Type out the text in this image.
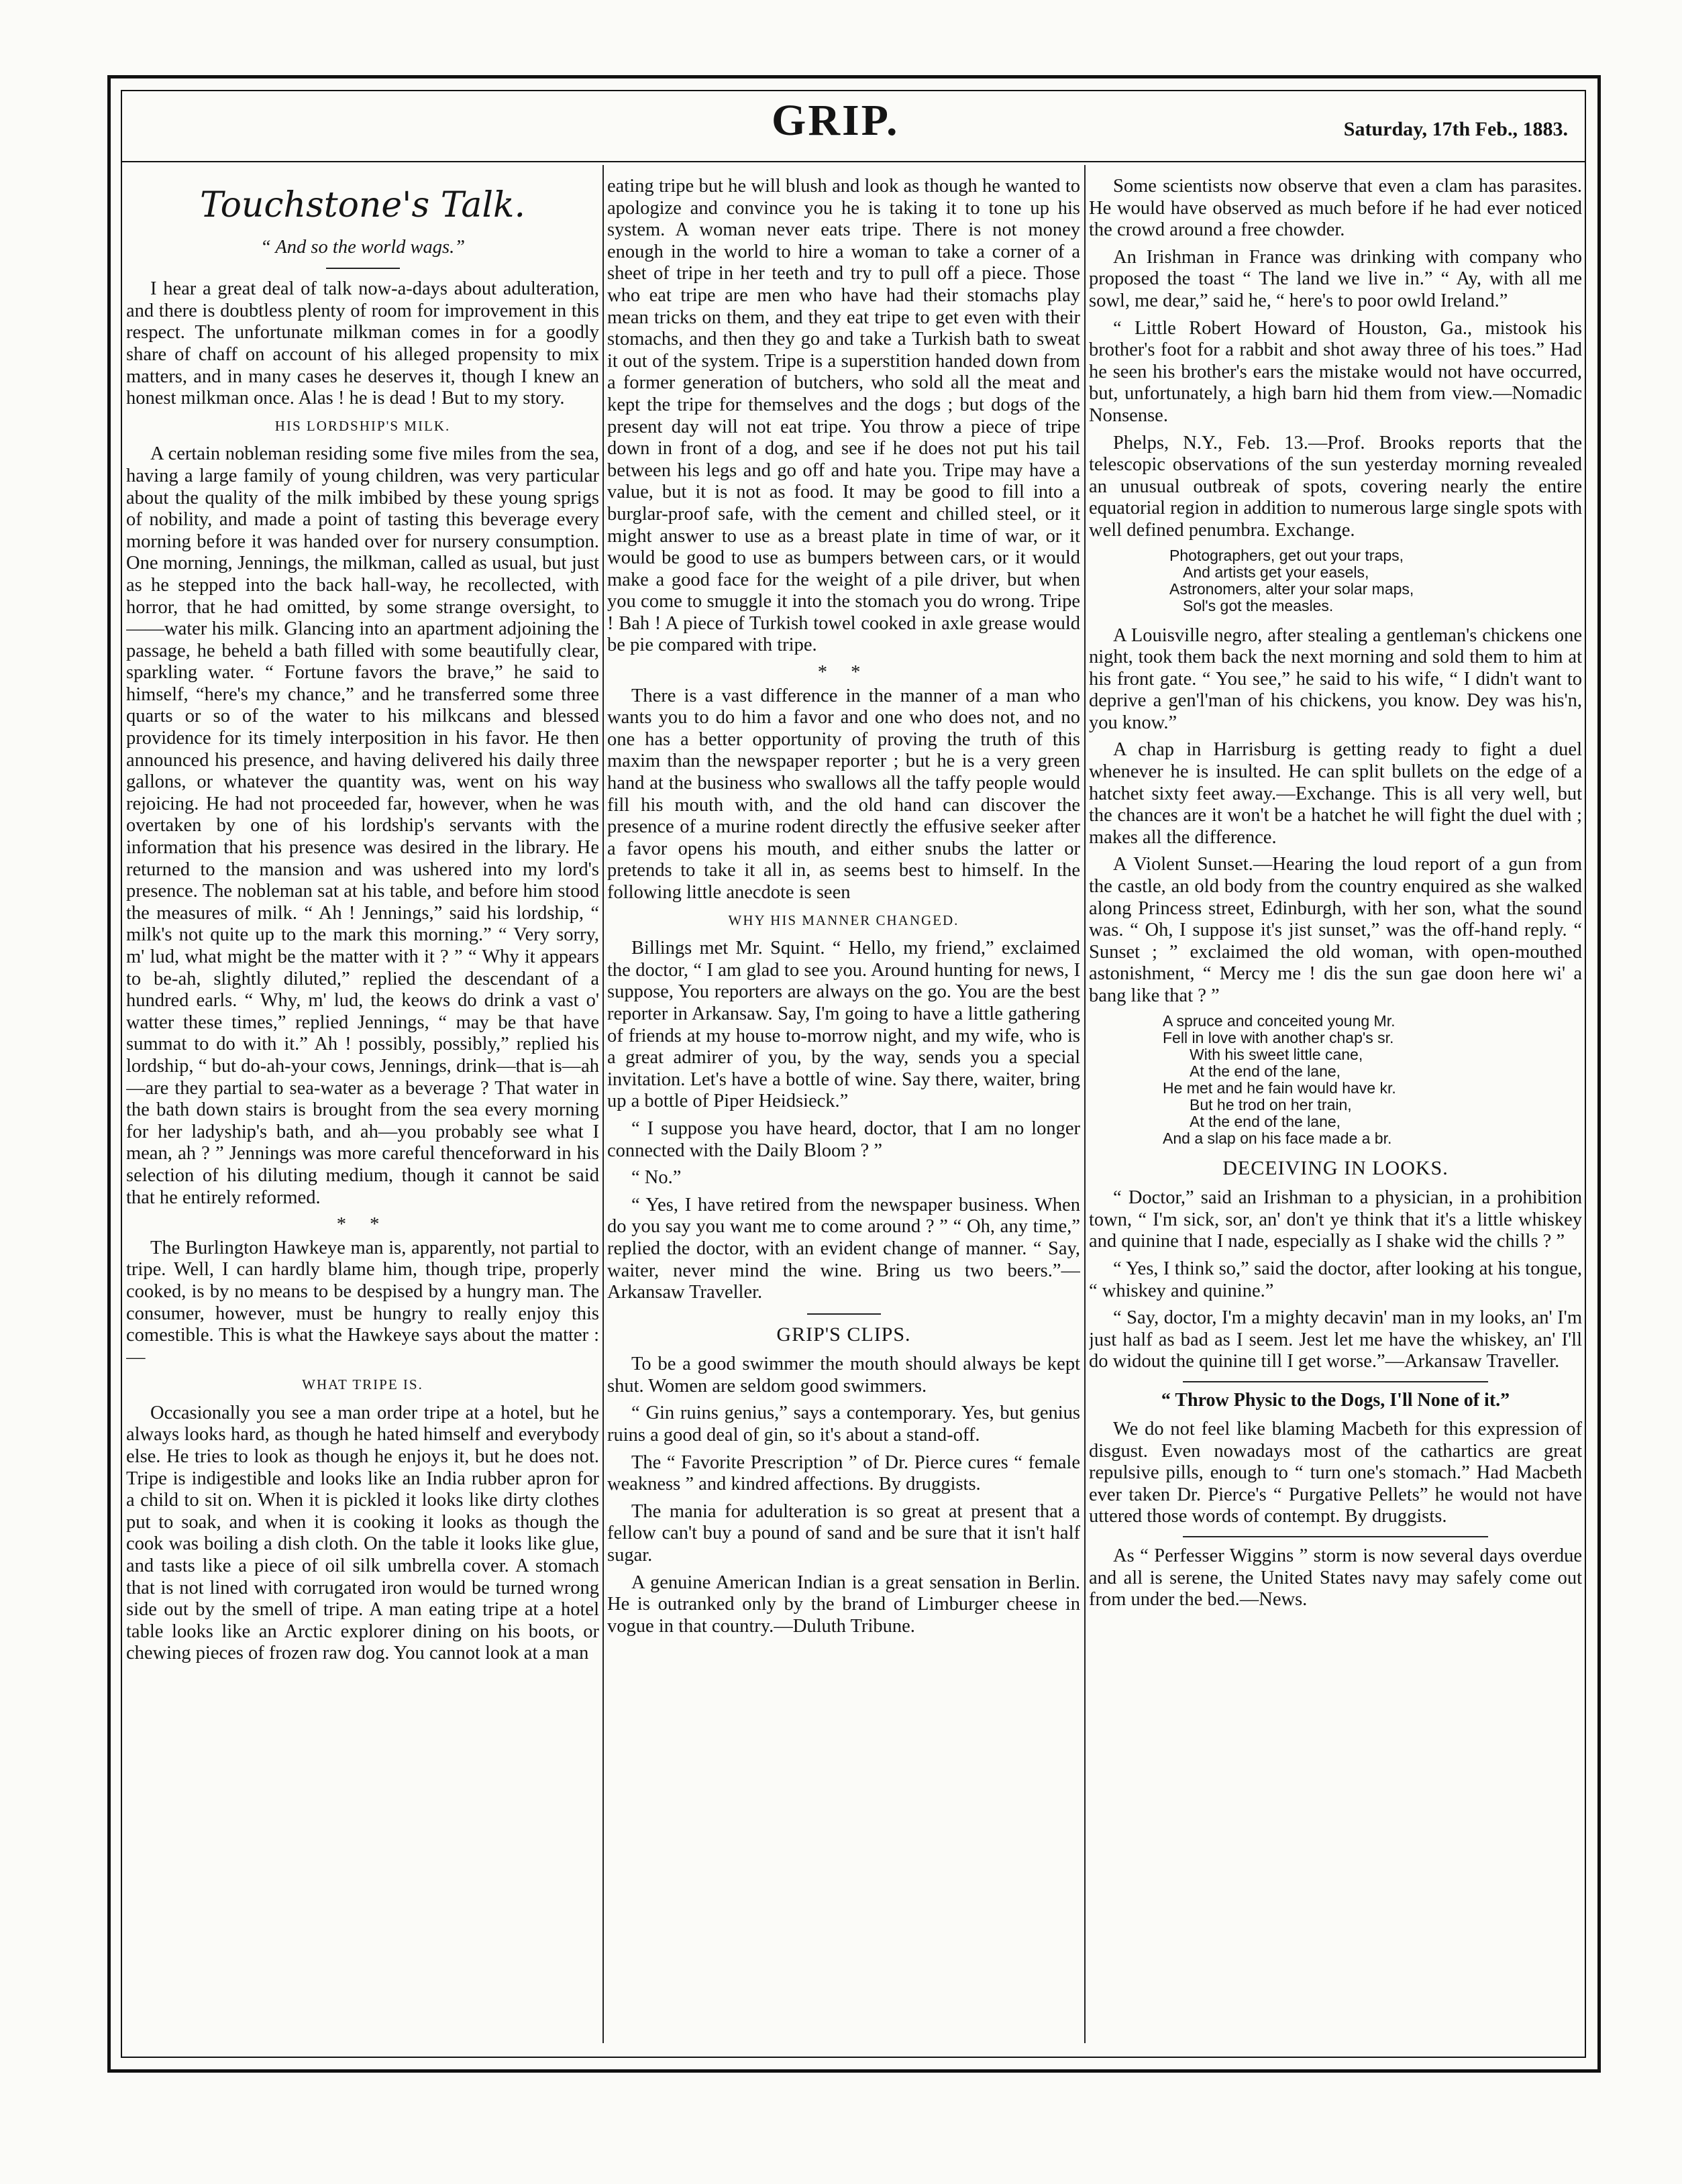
GRIP.	Saturday, 17th Feb., 1883.
Touchstone's Talk.
“ And so the world wags.”

I hear a great deal of talk now-a-days about adulteration, and there is doubtless plenty of room for improvement in this respect. The unfortunate milkman comes in for a goodly share of chaff on account of his alleged propensity to mix matters, and in many cases he deserves it, though I knew an honest milkman once. Alas ! he is dead ! But to my story.

HIS LORDSHIP'S MILK.

A certain nobleman residing some five miles from the sea, having a large family of young children, was very particular about the quality of the milk imbibed by these young sprigs of nobility, and made a point of tasting this beverage every morning before it was handed over for nursery consumption. One morning, Jennings, the milkman, called as usual, but just as he stepped into the back hall-way, he recollected, with horror, that he had omitted, by some strange oversight, to——water his milk. Glancing into an apartment adjoining the passage, he beheld a bath filled with some beautifully clear, sparkling water. “ Fortune favors the brave,” he said to himself, “here's my chance,” and he transferred some three quarts or so of the water to his milkcans and blessed providence for its timely interposition in his favor. He then announced his presence, and having delivered his daily three gallons, or whatever the quantity was, went on his way rejoicing. He had not proceeded far, however, when he was overtaken by one of his lordship's servants with the information that his presence was desired in the library. He returned to the mansion and was ushered into my lord's presence. The nobleman sat at his table, and before him stood the measures of milk. “ Ah ! Jennings,” said his lordship, “ milk's not quite up to the mark this morning.” “ Very sorry, m' lud, what might be the matter with it ? ” “ Why it appears to be-ah, slightly diluted,” replied the descendant of a hundred earls. “ Why, m' lud, the keows do drink a vast o' watter these times,” replied Jennings, “ may be that have summat to do with it.” Ah ! possibly, possibly,” replied his lordship, “ but do-ah-your cows, Jennings, drink—that is—ah—are they partial to sea-water as a beverage ? That water in the bath down stairs is brought from the sea every morning for her ladyship's bath, and ah—you probably see what I mean, ah ? ” Jennings was more careful thenceforward in his selection of his diluting medium, though it cannot be said that he entirely reformed.

* *

The Burlington Hawkeye man is, apparently, not partial to tripe. Well, I can hardly blame him, though tripe, properly cooked, is by no means to be despised by a hungry man. The consumer, however, must be hungry to really enjoy this comestible. This is what the Hawkeye says about the matter :—

WHAT TRIPE IS.

Occasionally you see a man order tripe at a hotel, but he always looks hard, as though he hated himself and everybody else. He tries to look as though he enjoys it, but he does not. Tripe is indigestible and looks like an India rubber apron for a child to sit on. When it is pickled it looks like dirty clothes put to soak, and when it is cooking it looks as though the cook was boiling a dish cloth. On the table it looks like glue, and tasts like a piece of oil silk umbrella cover. A stomach that is not lined with corrugated iron would be turned wrong side out by the smell of tripe. A man eating tripe at a hotel table looks like an Arctic explorer dining on his boots, or chewing pieces of frozen raw dog. You cannot look at a man

eating tripe but he will blush and look as though he wanted to apologize and convince you he is taking it to tone up his system. A woman never eats tripe. There is not money enough in the world to hire a woman to take a corner of a sheet of tripe in her teeth and try to pull off a piece. Those who eat tripe are men who have had their stomachs play mean tricks on them, and they eat tripe to get even with their stomachs, and then they go and take a Turkish bath to sweat it out of the system. Tripe is a superstition handed down from a former generation of butchers, who sold all the meat and kept the tripe for themselves and the dogs ; but dogs of the present day will not eat tripe. You throw a piece of tripe down in front of a dog, and see if he does not put his tail between his legs and go off and hate you. Tripe may have a value, but it is not as food. It may be good to fill into a burglar-proof safe, with the cement and chilled steel, or it might answer to use as a breast plate in time of war, or it would be good to use as bumpers between cars, or it would make a good face for the weight of a pile driver, but when you come to smuggle it into the stomach you do wrong. Tripe ! Bah ! A piece of Turkish towel cooked in axle grease would be pie compared with tripe.

* *

There is a vast difference in the manner of a man who wants you to do him a favor and one who does not, and no one has a better opportunity of proving the truth of this maxim than the newspaper reporter ; but he is a very green hand at the business who swallows all the taffy people would fill his mouth with, and the old hand can discover the presence of a murine rodent directly the effusive seeker after a favor opens his mouth, and either snubs the latter or pretends to take it all in, as seems best to himself. In the following little anecdote is seen

WHY HIS MANNER CHANGED.

Billings met Mr. Squint. “ Hello, my friend,” exclaimed the doctor, “ I am glad to see you. Around hunting for news, I suppose, You reporters are always on the go. You are the best reporter in Arkansaw. Say, I'm going to have a little gathering of friends at my house to-morrow night, and my wife, who is a great admirer of you, by the way, sends you a special invitation. Let's have a bottle of wine. Say there, waiter, bring up a bottle of Piper Heidsieck.”

“ I suppose you have heard, doctor, that I am no longer connected with the Daily Bloom ? ”

“ No.”

“ Yes, I have retired from the newspaper business. When do you say you want me to come around ? ” “ Oh, any time,” replied the doctor, with an evident change of manner. “ Say, waiter, never mind the wine. Bring us two beers.”—Arkansaw Traveller.

GRIP'S CLIPS.

To be a good swimmer the mouth should always be kept shut. Women are seldom good swimmers.

“ Gin ruins genius,” says a contemporary. Yes, but genius ruins a good deal of gin, so it's about a stand-off.

The “ Favorite Prescription ” of Dr. Pierce cures “ female weakness ” and kindred affections. By druggists.

The mania for adulteration is so great at present that a fellow can't buy a pound of sand and be sure that it isn't half sugar.

A genuine American Indian is a great sensation in Berlin. He is outranked only by the brand of Limburger cheese in vogue in that country.—Duluth Tribune.

Some scientists now observe that even a clam has parasites. He would have observed as much before if he had ever noticed the crowd around a free chowder.

An Irishman in France was drinking with company who proposed the toast “ The land we live in.” “ Ay, with all me sowl, me dear,” said he, “ here's to poor owld Ireland.”

“ Little Robert Howard of Houston, Ga., mistook his brother's foot for a rabbit and shot away three of his toes.” Had he seen his brother's ears the mistake would not have occurred, but, unfortunately, a high barn hid them from view.—Nomadic Nonsense.

Phelps, N.Y., Feb. 13.—Prof. Brooks reports that the telescopic observations of the sun yesterday morning revealed an unusual outbreak of spots, covering nearly the entire equatorial region in addition to numerous large single spots with well defined penumbra. Exchange.

Photographers, get out your traps,
And artists get your easels,
Astronomers, alter your solar maps,
Sol's got the measles.

A Louisville negro, after stealing a gentleman's chickens one night, took them back the next morning and sold them to him at his front gate. “ You see,” he said to his wife, “ I didn't want to deprive a gen'l'man of his chickens, you know. Dey was his'n, you know.”

A chap in Harrisburg is getting ready to fight a duel whenever he is insulted. He can split bullets on the edge of a hatchet sixty feet away.—Exchange. This is all very well, but the chances are it won't be a hatchet he will fight the duel with ; makes all the difference.

A Violent Sunset.—Hearing the loud report of a gun from the castle, an old body from the country enquired as she walked along Princess street, Edinburgh, with her son, what the sound was. “ Oh, I suppose it's jist sunset,” was the off-hand reply. “ Sunset ; ” exclaimed the old woman, with open-mouthed astonishment, “ Mercy me ! dis the sun gae doon here wi' a bang like that ? ”

A spruce and conceited young Mr.
Fell in love with another chap's sr.
With his sweet little cane,
At the end of the lane,
He met and he fain would have kr.
But he trod on her train,
At the end of the lane,
And a slap on his face made a br.
DECEIVING IN LOOKS.

“ Doctor,” said an Irishman to a physician, in a prohibition town, “ I'm sick, sor, an' don't ye think that it's a little whiskey and quinine that I nade, especially as I shake wid the chills ? ”

“ Yes, I think so,” said the doctor, after looking at his tongue, “ whiskey and quinine.”

“ Say, doctor, I'm a mighty decavin' man in my looks, an' I'm just half as bad as I seem. Jest let me have the whiskey, an' I'll do widout the quinine till I get worse.”—Arkansaw Traveller.

“ Throw Physic to the Dogs, I'll None of it.”

We do not feel like blaming Macbeth for this expression of disgust. Even nowadays most of the cathartics are great repulsive pills, enough to “ turn one's stomach.” Had Macbeth ever taken Dr. Pierce's “ Purgative Pellets” he would not have uttered those words of contempt. By druggists.

As “ Perfesser Wiggins ” storm is now several days overdue and all is serene, the United States navy may safely come out from under the bed.—News.
